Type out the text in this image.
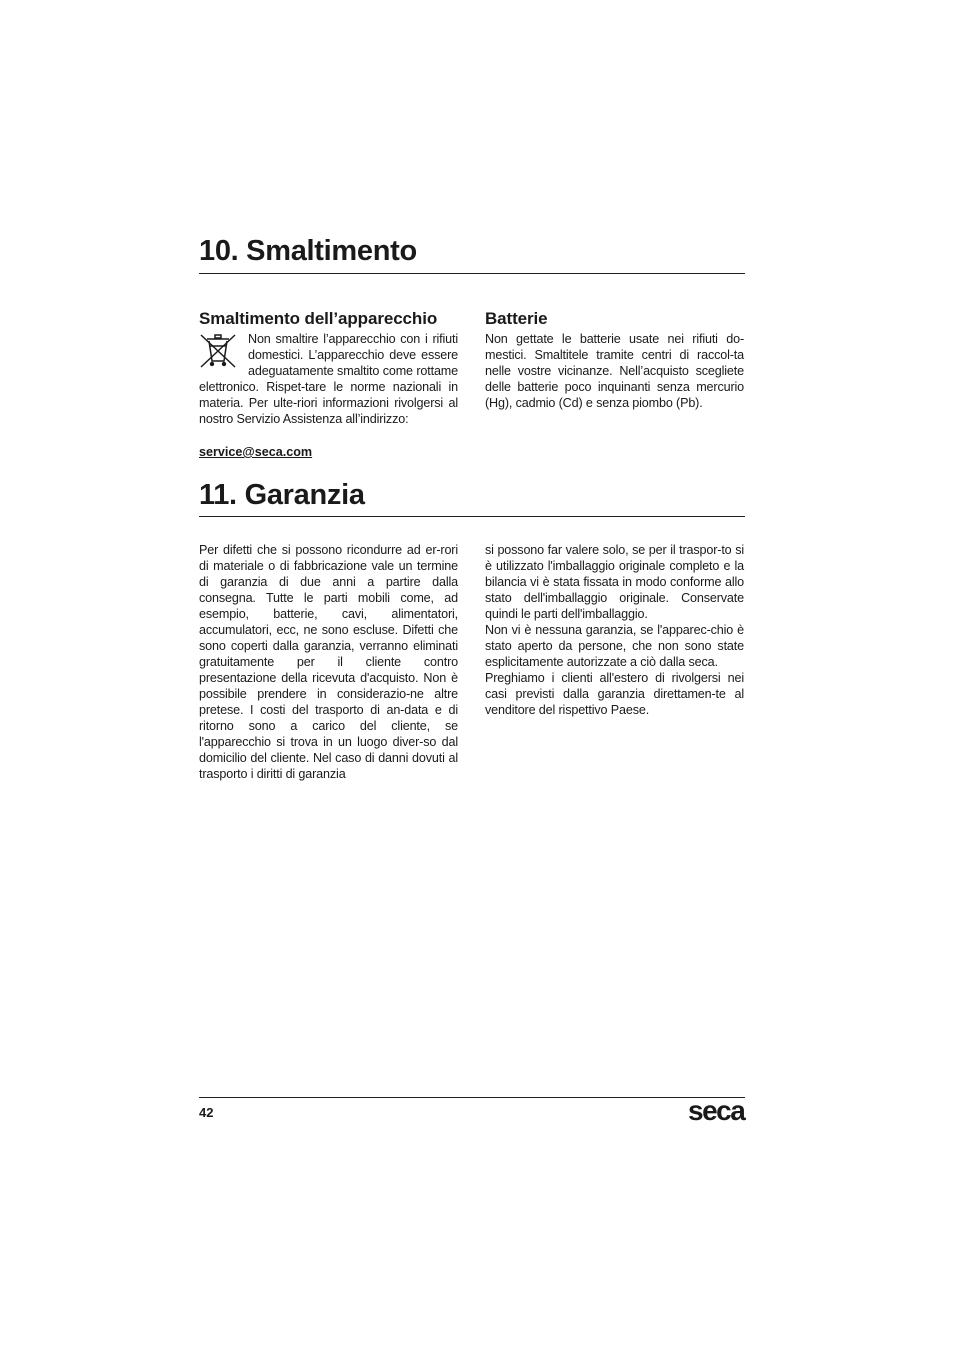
10. Smaltimento
Smaltimento dell’apparecchio

Non smaltire l’apparecchio con i rifiuti domestici. L’apparecchio deve essere adeguatamente smaltito come rottame elettronico. Rispet-tare le norme nazionali in materia. Per ulte-riori informazioni rivolgersi al nostro Servizio Assistenza all’indirizzo:

service@seca.com
Batterie

Non gettate le batterie usate nei rifiuti do-mestici. Smaltitele tramite centri di raccol-ta nelle vostre vicinanze. Nell’acquisto scegliete delle batterie poco inquinanti senza mercurio (Hg), cadmio (Cd) e senza piombo (Pb).

11. Garanzia

Per difetti che si possono ricondurre ad er-rori di materiale o di fabbricazione vale un termine di garanzia di due anni a partire dalla consegna. Tutte le parti mobili come, ad esempio, batterie, cavi, alimentatori, accumulatori, ecc, ne sono escluse. Difetti che sono coperti dalla garanzia, verranno eliminati gratuitamente per il cliente contro presentazione della ricevuta d'acquisto. Non è possibile prendere in considerazio-ne altre pretese. I costi del trasporto di an-data e di ritorno sono a carico del cliente, se l'apparecchio si trova in un luogo diver-so dal domicilio del cliente. Nel caso di danni dovuti al trasporto i diritti di garanzia

si possono far valere solo, se per il traspor-to si è utilizzato l'imballaggio originale completo e la bilancia vi è stata fissata in modo conforme allo stato dell'imballaggio originale. Conservate quindi le parti dell'imballaggio.

Non vi è nessuna garanzia, se l'apparec-chio è stato aperto da persone, che non sono state esplicitamente autorizzate a ciò dalla seca.

Preghiamo i clienti all'estero di rivolgersi nei casi previsti dalla garanzia direttamen-te al venditore del rispettivo Paese.

42	seca
